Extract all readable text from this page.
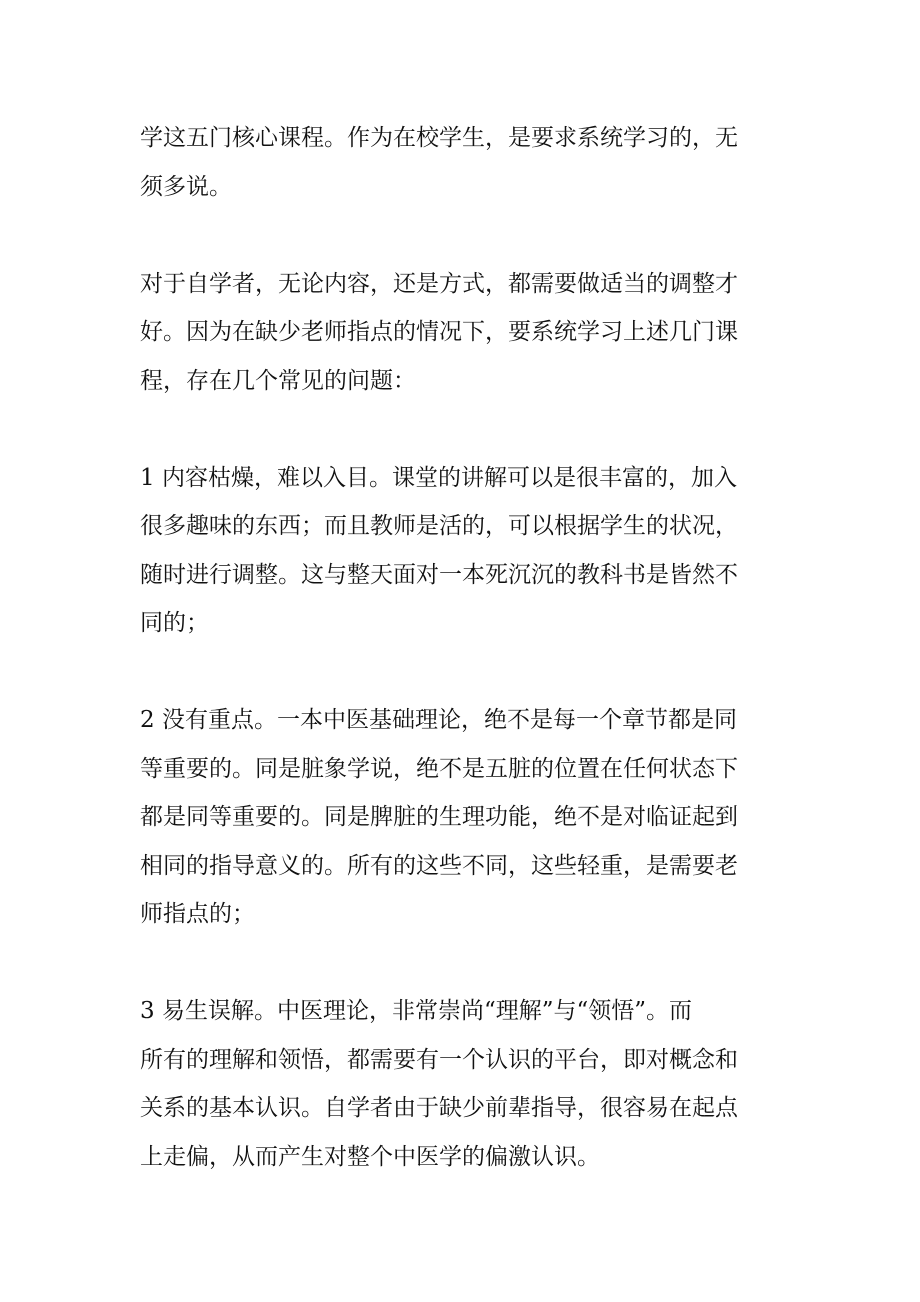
学这五门核心课程。作为在校学生，是要求系统学习的，无
须多说。

对于自学者，无论内容，还是方式，都需要做适当的调整才
好。因为在缺少老师指点的情况下，要系统学习上述几门课
程，存在几个常见的问题：

1 内容枯燥，难以入目。课堂的讲解可以是很丰富的，加入
很多趣味的东西；而且教师是活的，可以根据学生的状况，
随时进行调整。这与整天面对一本死沉沉的教科书是皆然不
同的；

2 没有重点。一本中医基础理论，绝不是每一个章节都是同
等重要的。同是脏象学说，绝不是五脏的位置在任何状态下
都是同等重要的。同是脾脏的生理功能，绝不是对临证起到
相同的指导意义的。所有的这些不同，这些轻重，是需要老
师指点的；

3 易生误解。中医理论，非常崇尚“理解”与“领悟”。而
所有的理解和领悟，都需要有一个认识的平台，即对概念和
关系的基本认识。自学者由于缺少前辈指导，很容易在起点
上走偏，从而产生对整个中医学的偏激认识。
